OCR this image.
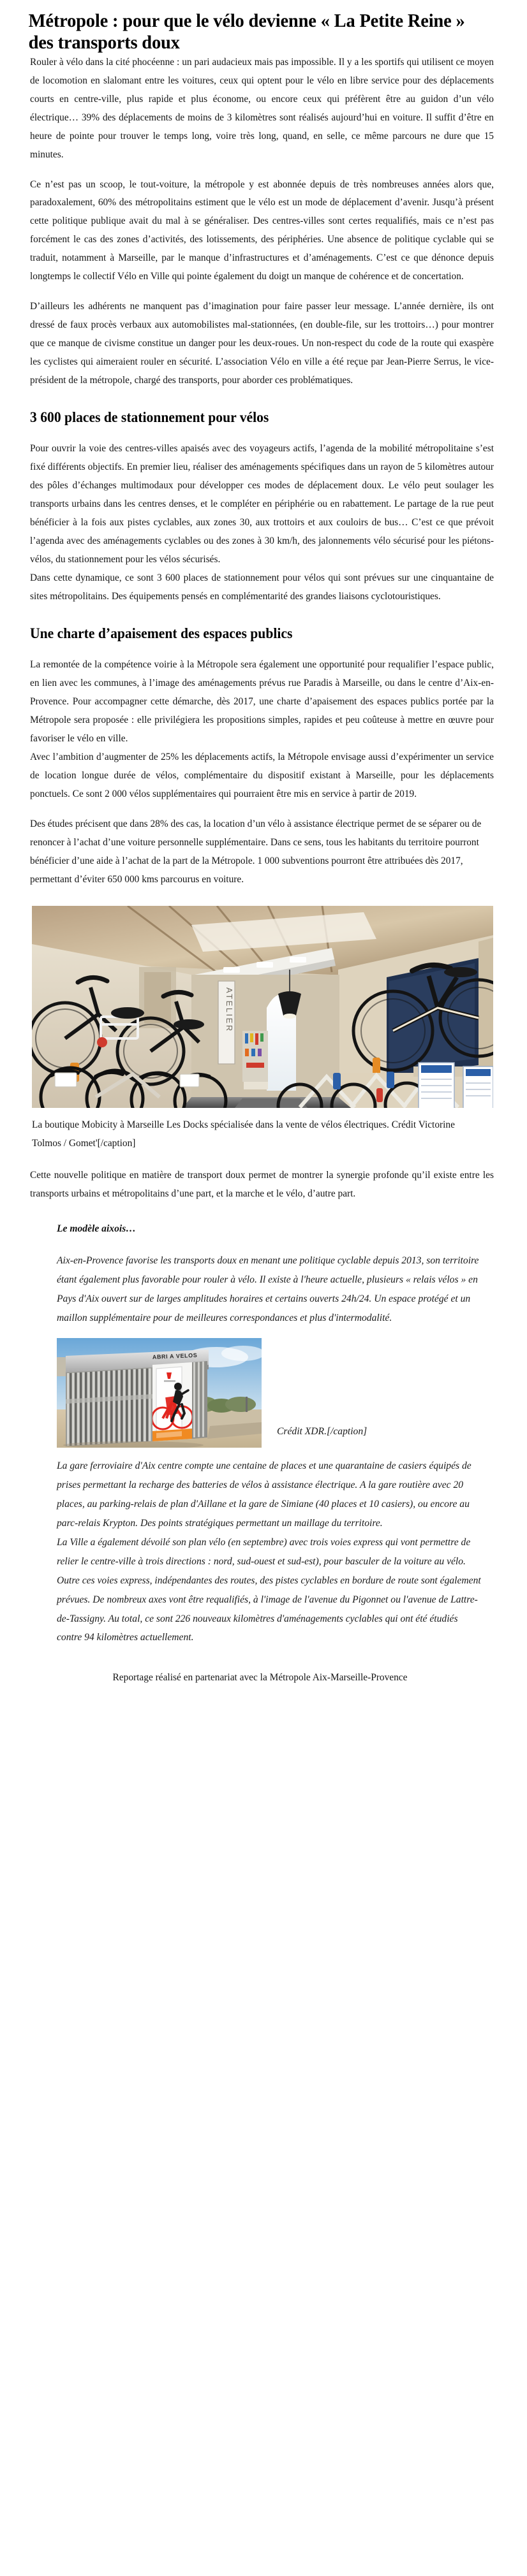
Métropole : pour que le vélo devienne « La Petite Reine » des transports doux

Rouler à vélo dans la cité phocéenne : un pari audacieux mais pas impossible. Il y a les sportifs qui utilisent ce moyen de locomotion en slalomant entre les voitures, ceux qui optent pour le vélo en libre service pour des déplacements courts en centre-ville, plus rapide et plus économe, ou encore ceux qui préfèrent être au guidon d’un vélo électrique… 39% des déplacements de moins de 3 kilomètres sont réalisés aujourd’hui en voiture. Il suffit d’être en heure de pointe pour trouver le temps long, voire très long, quand, en selle, ce même parcours ne dure que 15 minutes.

Ce n’est pas un scoop, le tout-voiture, la métropole y est abonnée depuis de très nombreuses années alors que, paradoxalement, 60% des métropolitains estiment que le vélo est un mode de déplacement d’avenir. Jusqu’à présent cette politique publique avait du mal à se généraliser. Des centres-villes sont certes requalifiés, mais ce n’est pas forcément le cas des zones d’activités, des lotissements, des périphéries. Une absence de politique cyclable qui se traduit, notamment à Marseille, par le manque d’infrastructures et d’aménagements. C’est ce que dénonce depuis longtemps le collectif Vélo en Ville qui pointe également du doigt un manque de cohérence et de concertation.

D’ailleurs les adhérents ne manquent pas d’imagination pour faire passer leur message. L’année dernière, ils ont dressé de faux procès verbaux aux automobilistes mal-stationnées, (en double-file, sur les trottoirs…) pour montrer que ce manque de civisme constitue un danger pour les deux-roues. Un non-respect du code de la route qui exaspère les cyclistes qui aimeraient rouler en sécurité. L’association Vélo en ville a été reçue par Jean-Pierre Serrus, le vice-président de la métropole, chargé des transports, pour aborder ces problématiques.

3 600 places de stationnement pour vélos

Pour ouvrir la voie des centres-villes apaisés avec des voyageurs actifs, l’agenda de la mobilité métropolitaine s’est fixé différents objectifs. En premier lieu, réaliser des aménagements spécifiques dans un rayon de 5 kilomètres autour des pôles d’échanges multimodaux pour développer ces modes de déplacement doux. Le vélo peut soulager les transports urbains dans les centres denses, et le compléter en périphérie ou en rabattement. Le partage de la rue peut bénéficier à la fois aux pistes cyclables, aux zones 30, aux trottoirs et aux couloirs de bus… C’est ce que prévoit l’agenda avec des aménagements cyclables ou des zones à 30 km/h, des jalonnements vélo sécurisé pour les piétons-vélos, du stationnement pour les vélos sécurisés.

Dans cette dynamique, ce sont 3 600 places de stationnement pour vélos qui sont prévues sur une cinquantaine de sites métropolitains. Des équipements pensés en complémentarité des grandes liaisons cyclotouristiques.

Une charte d’apaisement des espaces publics

La remontée de la compétence voirie à la Métropole sera également une opportunité pour requalifier l’espace public, en lien avec les communes, à l’image des aménagements prévus rue Paradis à Marseille, ou dans le centre d’Aix-en-Provence. Pour accompagner cette démarche, dès 2017, une charte d’apaisement des espaces publics portée par la Métropole sera proposée : elle privilégiera les propositions simples, rapides et peu coûteuse à mettre en œuvre pour favoriser le vélo en ville.

Avec l’ambition d’augmenter de 25% les déplacements actifs, la Métropole envisage aussi d’expérimenter un service de location longue durée de vélos, complémentaire du dispositif existant à Marseille, pour les déplacements ponctuels. Ce sont 2 000 vélos supplémentaires qui pourraient être mis en service à partir de 2019.

Des études précisent que dans 28% des cas, la location d’un vélo à assistance électrique permet de se séparer ou de renoncer à l’achat d’une voiture personnelle supplémentaire. Dans ce sens, tous les habitants du territoire pourront bénéficier d’une aide à l’achat de la part de la Métropole. 1 000 subventions pourront être attribuées dès 2017, permettant d’éviter 650 000 kms parcourus en voiture.

ATELIER
La boutique Mobicity à Marseille Les Docks spécialisée dans la vente de vélos électriques. Crédit Victorine Tolmos / Gomet'[/caption]

Cette nouvelle politique en matière de transport doux permet de montrer la synergie profonde qu’il existe entre les transports urbains et métropolitains d’une part, et la marche et le vélo, d’autre part.

Le modèle aixois…

Aix-en-Provence favorise les transports doux en menant une politique cyclable depuis 2013, son territoire étant également plus favorable pour rouler à vélo. Il existe à l'heure actuelle, plusieurs « relais vélos » en Pays d'Aix ouvert sur de larges amplitudes horaires et certains ouverts 24h/24. Un espace protégé et un maillon supplémentaire pour de meilleures correspondances et plus d'intermodalité.

ABRI A VELOS
Crédit XDR.[/caption]

La gare ferroviaire d'Aix centre compte une centaine de places et une quarantaine de casiers équipés de prises permettant la recharge des batteries de vélos à assistance électrique. A la gare routière avec 20 places, au parking-relais de plan d'Aillane et la gare de Simiane (40 places et 10 casiers), ou encore au parc-relais Krypton. Des points stratégiques permettant un maillage du territoire.

La Ville a également dévoilé son plan vélo (en septembre) avec trois voies express qui vont permettre de relier le centre-ville à trois directions : nord, sud-ouest et sud-est), pour basculer de la voiture au vélo. Outre ces voies express, indépendantes des routes, des pistes cyclables en bordure de route sont également prévues. De nombreux axes vont être requalifiés, à l'image de l'avenue du Pigonnet ou l'avenue de Lattre-de-Tassigny. Au total, ce sont 226 nouveaux kilomètres d'aménagements cyclables qui ont été étudiés contre 94 kilomètres actuellement.

Reportage réalisé en partenariat avec la Métropole Aix-Marseille-Provence
